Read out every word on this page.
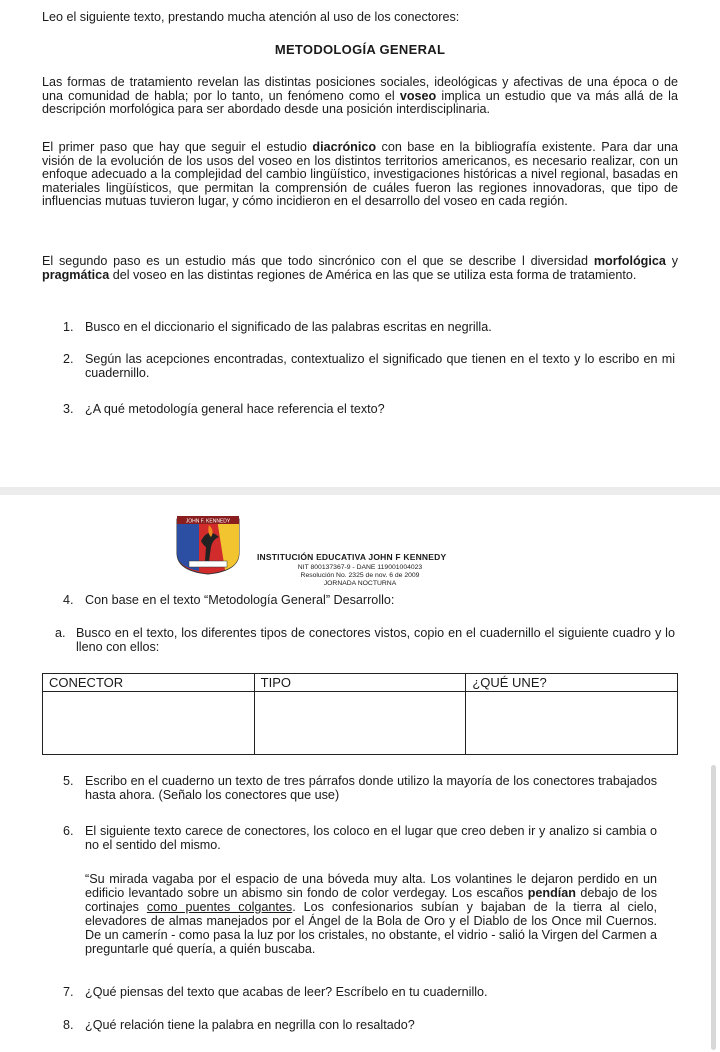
Leo el siguiente texto, prestando mucha atención al uso de los conectores:
METODOLOGÍA GENERAL
Las formas de tratamiento revelan las distintas posiciones sociales, ideológicas y afectivas de una época o de una comunidad de habla; por lo tanto, un fenómeno como el voseo implica un estudio que va más allá de la descripción morfológica para ser abordado desde una posición interdisciplinaria.
El primer paso que hay que seguir el estudio diacrónico con base en la bibliografía existente. Para dar una visión de la evolución de los usos del voseo en los distintos territorios americanos, es necesario realizar, con un enfoque adecuado a la complejidad del cambio lingüístico, investigaciones históricas a nivel regional, basadas en materiales lingüísticos, que permitan la comprensión de cuáles fueron las regiones innovadoras, que tipo de influencias mutuas tuvieron lugar, y cómo incidieron en el desarrollo del voseo en cada región.
El segundo paso es un estudio más que todo sincrónico con el que se describe l diversidad morfológica y pragmática del voseo en las distintas regiones de América en las que se utiliza esta forma de tratamiento.
1. Busco en el diccionario el significado de las palabras escritas en negrilla.
2. Según las acepciones encontradas, contextualizo el significado que tienen en el texto y lo escribo en mi cuadernillo.
3. ¿A qué metodología general hace referencia el texto?
JOHN F. KENNEDY
INSTITUCIÓN EDUCATIVA JOHN F KENNEDY
NIT 800137367-9 - DANE 119001004023
Resolución No. 2325 de nov. 6 de 2009
JORNADA NOCTURNA
4. Con base en el texto “Metodología General” Desarrollo:
a. Busco en el texto, los diferentes tipos de conectores vistos, copio en el cuadernillo el siguiente cuadro y lo lleno con ellos:
CONECTOR	TIPO	¿QUÉ UNE?

5. Escribo en el cuaderno un texto de tres párrafos donde utilizo la mayoría de los conectores trabajados hasta ahora. (Señalo los conectores que use)
6. El siguiente texto carece de conectores, los coloco en el lugar que creo deben ir y analizo si cambia o no el sentido del mismo.
“Su mirada vagaba por el espacio de una bóveda muy alta. Los volantines le dejaron perdido en un edificio levantado sobre un abismo sin fondo de color verdegay. Los escaños pendían debajo de los cortinajes como puentes colgantes. Los confesionarios subían y bajaban de la tierra al cielo, elevadores de almas manejados por el Ángel de la Bola de Oro y el Diablo de los Once mil Cuernos. De un camerín - como pasa la luz por los cristales, no obstante, el vidrio - salió la Virgen del Carmen a preguntarle qué quería, a quién buscaba.
7. ¿Qué piensas del texto que acabas de leer? Escríbelo en tu cuadernillo.
8. ¿Qué relación tiene la palabra en negrilla con lo resaltado?
